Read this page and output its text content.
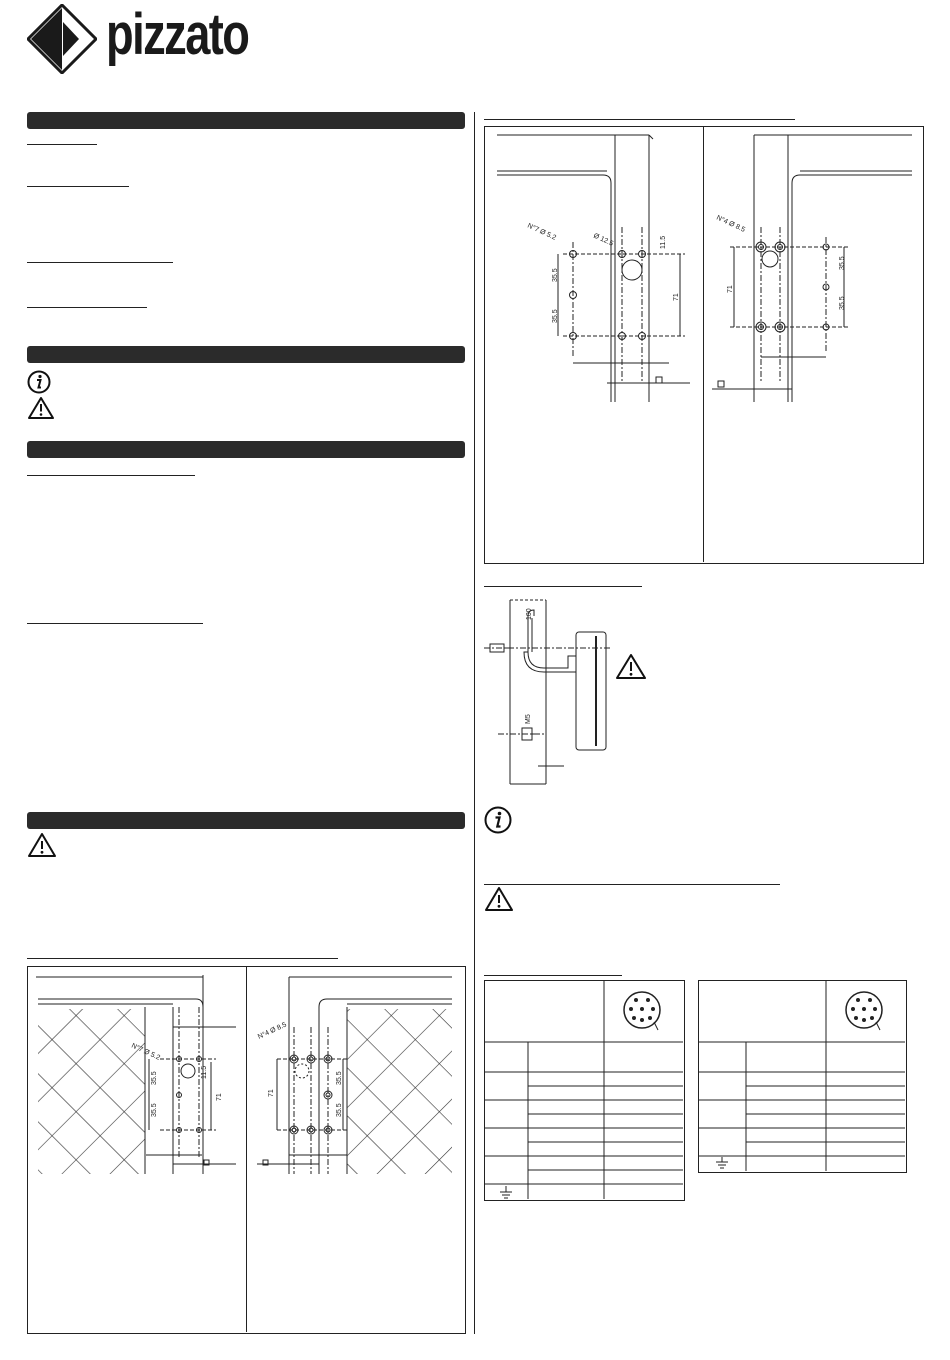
pizzato
N°7 Ø 5.2
11.5
35.5
35.5
71
N°4 Ø 8.5
71
35.5
35.5
N°7 Ø 5.2	Ø 12.5	11.5
35.5
35.5
71
N°4 Ø 8.5
71
35.5
35.5
100
M5
